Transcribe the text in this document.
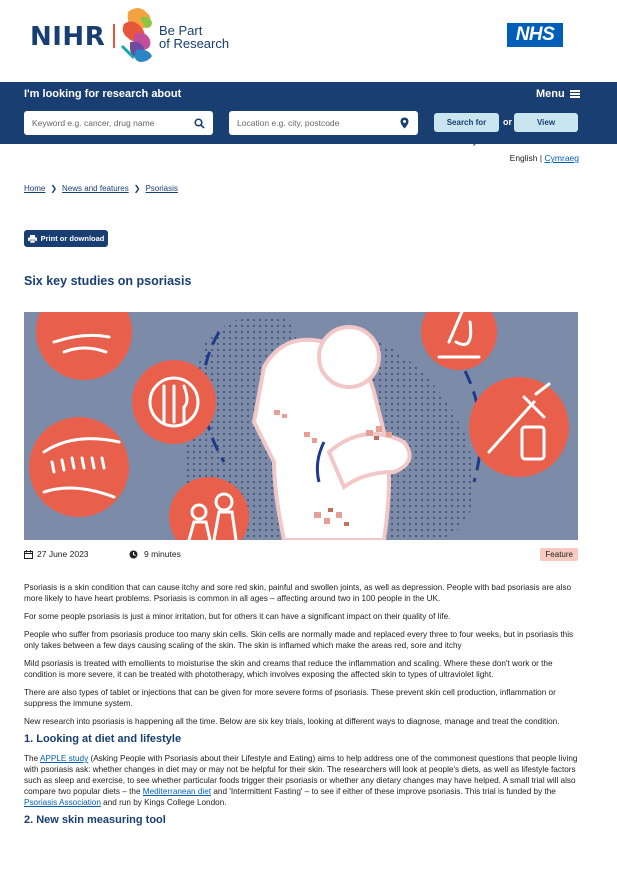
NIHR	Be Part
of Research	NHS
I'm looking for research about	Menu
Keyword e.g. cancer, drug name
Location e.g. city, postcode
Search for study
or	View conditions
English | Cymraeg
Home ❯ News and features ❯ Psoriasis
Print or download
Six key studies on psoriasis
27 June 2023	9 minutes	Feature

Psoriasis is a skin condition that can cause itchy and sore red skin, painful and swollen joints, as well as depression. People with bad psoriasis are also more likely to have heart problems. Psoriasis is common in all ages – affecting around two in 100 people in the UK.

For some people psoriasis is just a minor irritation, but for others it can have a significant impact on their quality of life.

People who suffer from psoriasis produce too many skin cells. Skin cells are normally made and replaced every three to four weeks, but in psoriasis this only takes between a few days causing scaling of the skin. The skin is inflamed which make the areas red, sore and itchy

Mild psoriasis is treated with emollients to moisturise the skin and creams that reduce the inflammation and scaling. Where these don't work or the condition is more severe, it can be treated with phototherapy, which involves exposing the affected skin to types of ultraviolet light.

There are also types of tablet or injections that can be given for more severe forms of psoriasis. These prevent skin cell production, inflammation or suppress the immune system.

New research into psoriasis is happening all the time. Below are six key trials, looking at different ways to diagnose, manage and treat the condition.

1. Looking at diet and lifestyle

The APPLE study (Asking People with Psoriasis about their Lifestyle and Eating) aims to help address one of the commonest questions that people living with psoriasis ask: whether changes in diet may or may not be helpful for their skin. The researchers will look at people's diets, as well as lifestyle factors such as sleep and exercise, to see whether particular foods trigger their psoriasis or whether any dietary changes may have helped. A small trial will also compare two popular diets – the Mediterranean diet and 'Intermittent Fasting' – to see if either of these improve psoriasis. This trial is funded by the Psoriasis Association and run by Kings College London.

2. New skin measuring tool
